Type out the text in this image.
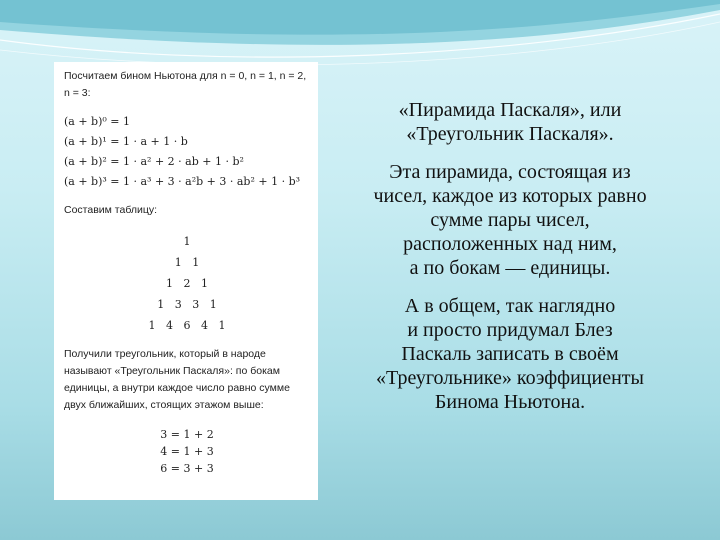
Посчитаем бином Ньютона для n = 0, n = 1, n = 2, n = 3:

(a + b)⁰ = 1

(a + b)¹ = 1 · a + 1 · b

(a + b)² = 1 · a² + 2 · ab + 1 · b²

(a + b)³ = 1 · a³ + 3 · a²b + 3 · ab² + 1 · b³

Составим таблицу:

1
1   1
1   2   1
1   3   3   1
1   4   6   4   1

Получили треугольник, который в народе называют «Треугольник Паскаля»: по бокам единицы, а внутри каждое число равно сумме двух ближайших, стоящих этажом выше:

3 = 1 + 2
4 = 1 + 3
6 = 3 + 3

«Пирамида Паскаля», или
«Треугольник Паскаля».

Эта пирамида, состоящая из
чисел, каждое из которых равно
сумме пары чисел,
расположенных над ним,
а по бокам — единицы.

А в общем, так наглядно
и просто придумал Блез
Паскаль записать в своём
«Треугольнике» коэффициенты
Бинома Ньютона.
